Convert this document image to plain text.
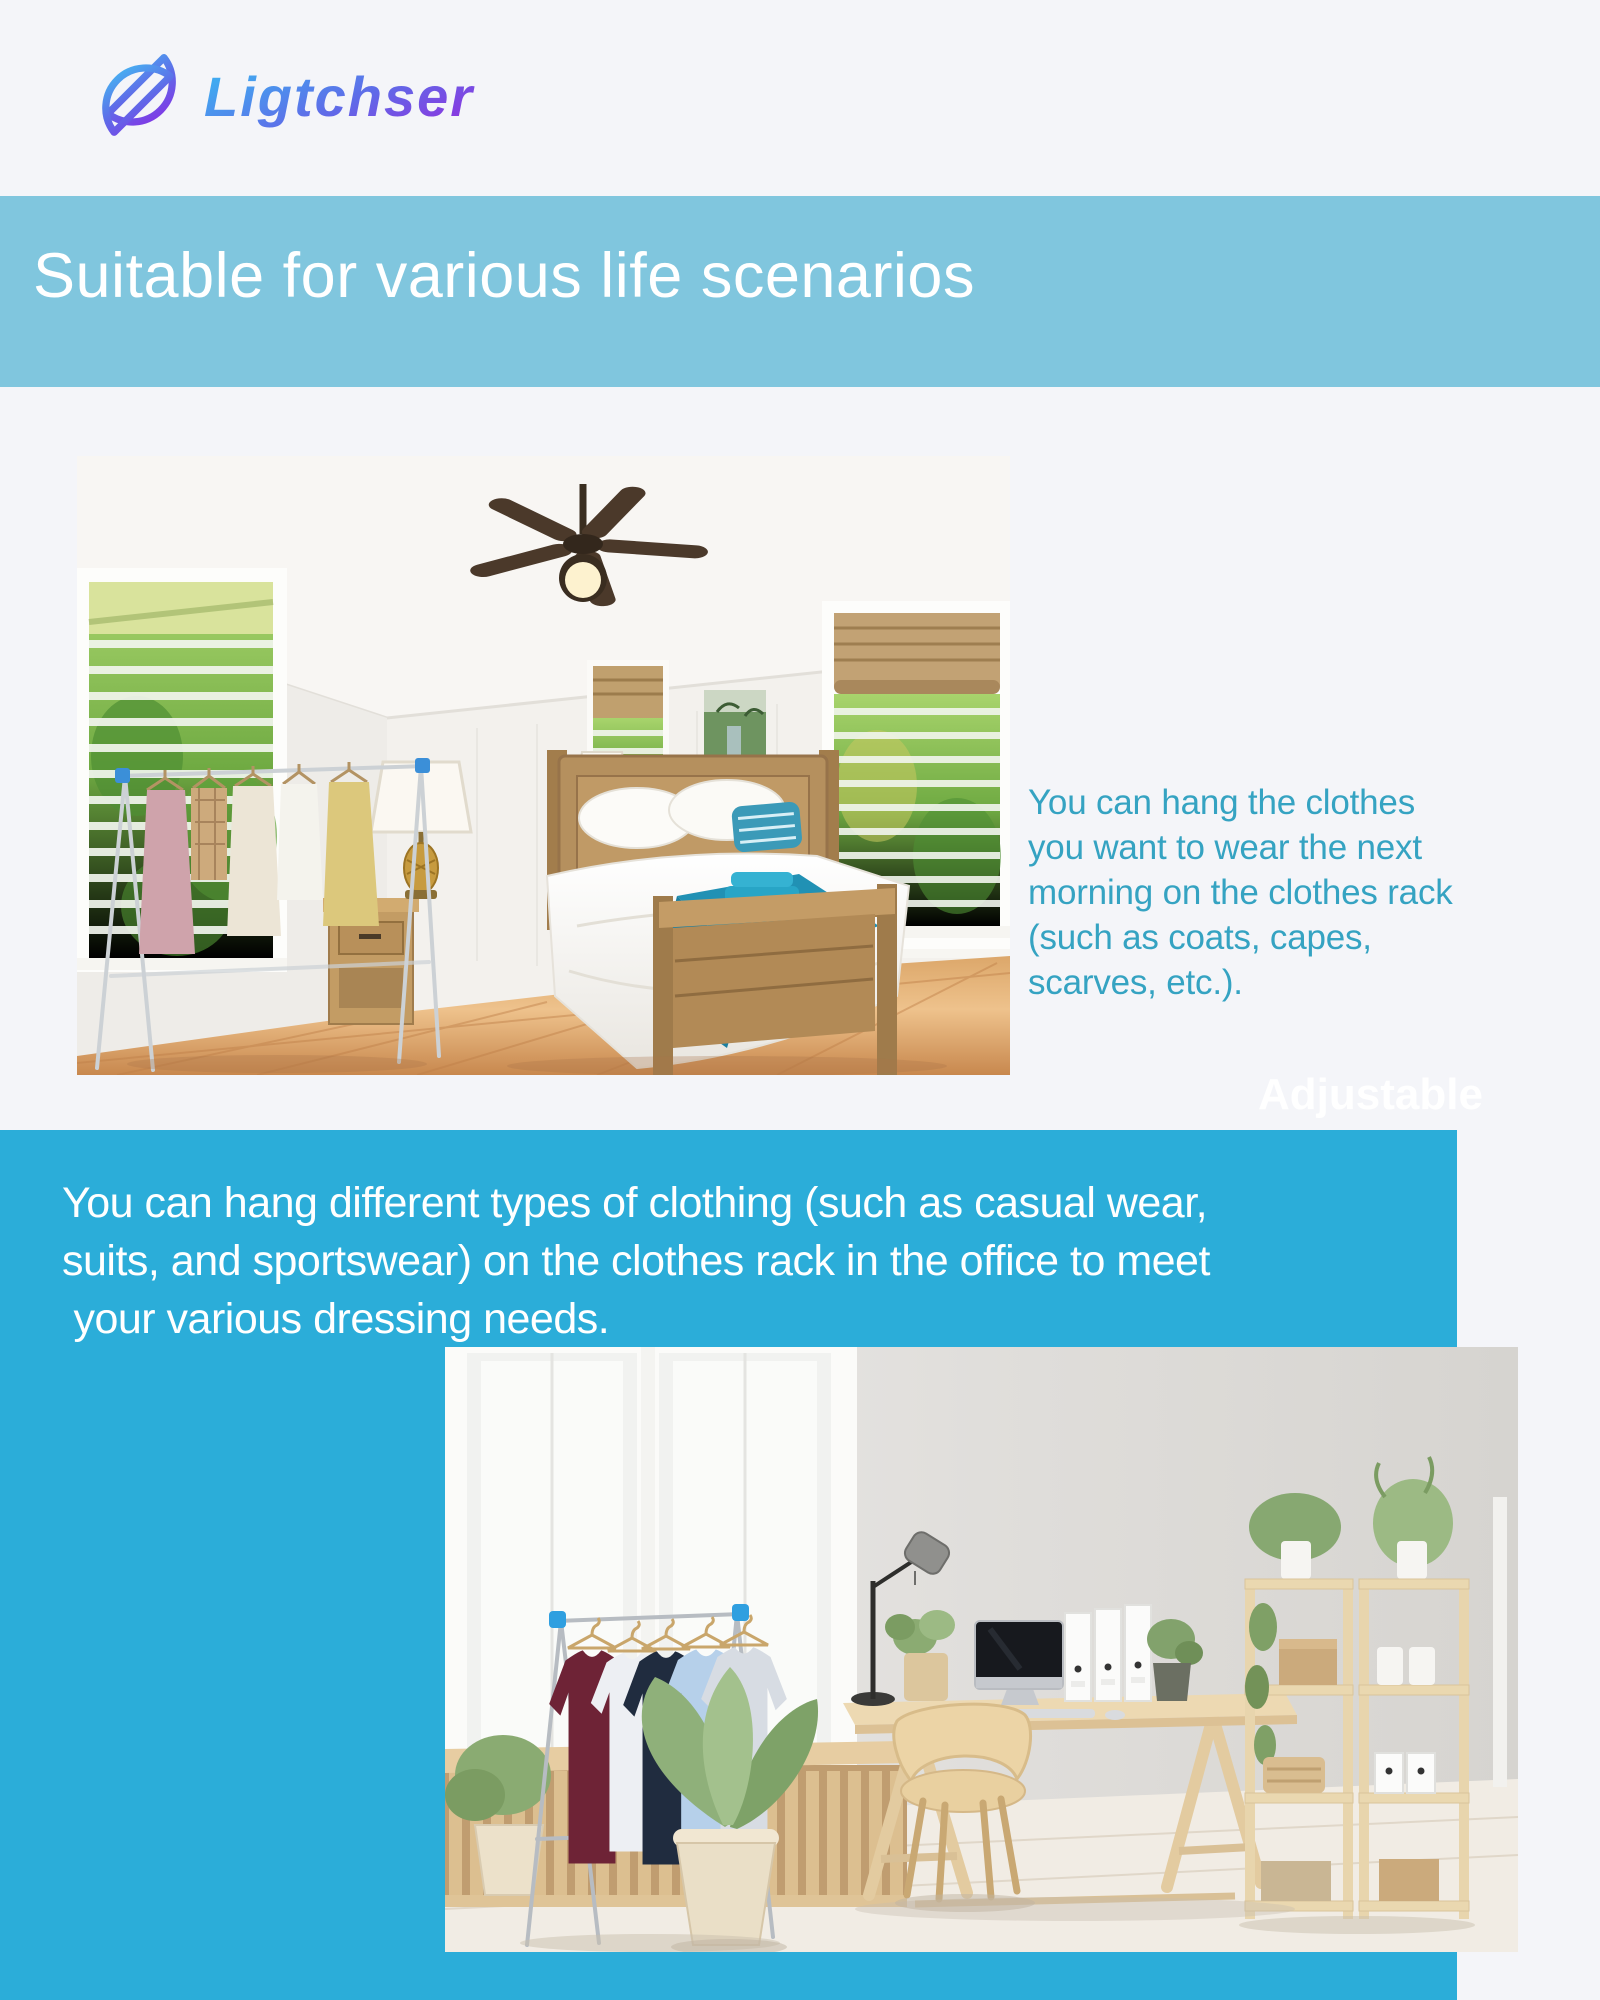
Ligtchser
Suitable for various life scenarios
You can hang the clothes
you want to wear the next
morning on the clothes rack
(such as coats, capes,
scarves, etc.).
Adjustable
You can hang different types of clothing (such as casual wear,
suits, and sportswear) on the clothes rack in the office to meet
your various dressing needs.
